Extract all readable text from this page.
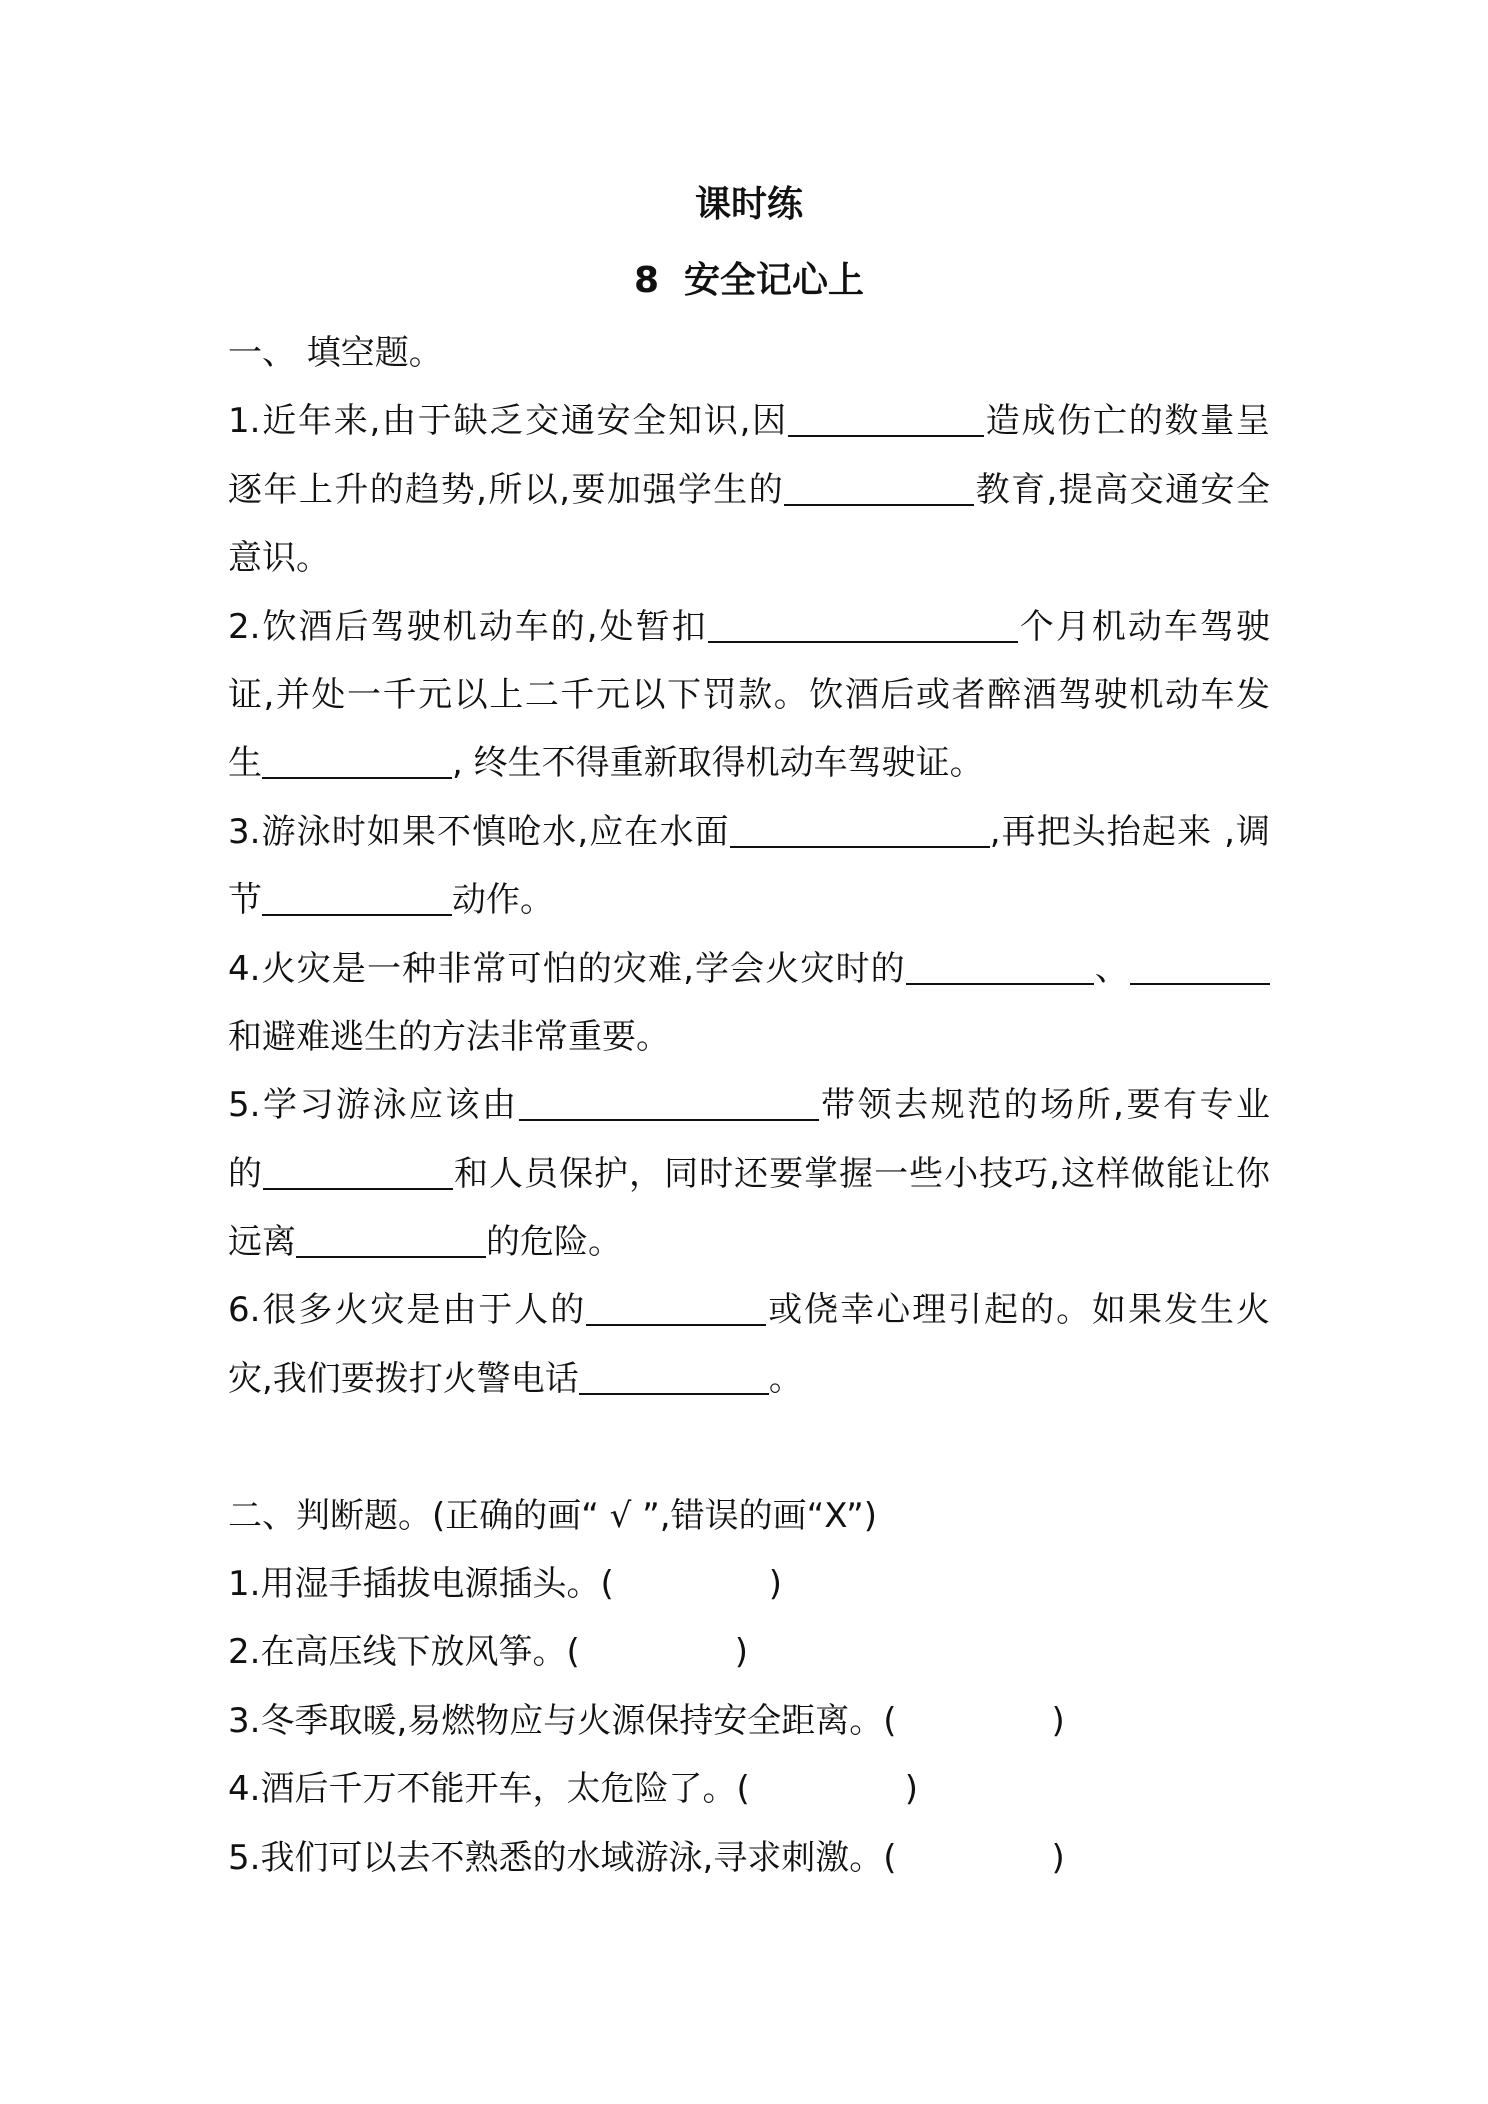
课时练
8  安全记心上
一、 填空题。
1.近年来,由于缺乏交通安全知识,因	造成伤亡的数量呈
逐年上升的趋势,所以,要加强学生的	教育,提高交通安全
意识。
2.饮酒后驾驶机动车的,处暂扣	个月机动车驾驶
证,并处一千元以上二千元以下罚款。饮酒后或者醉酒驾驶机动车发
生	, 终生不得重新取得机动车驾驶证。
3.游泳时如果不慎呛水,应在水面	,再把头抬起来 ,调
节	动作。
4.火灾是一种非常可怕的灾难,学会火灾时的	、
和避难逃生的方法非常重要。
5.学习游泳应该由	带领去规范的场所,要有专业
的	和人员保护，同时还要掌握一些小技巧,这样做能让你
远离	的危险。
6.很多火灾是由于人的	或侥幸心理引起的。如果发生火
灾,我们要拨打火警电话	。
二、判断题。(正确的画“ √ ”,错误的画“X”)
1.用湿手插拔电源插头。(	)
2.在高压线下放风筝。(	)
3.冬季取暖,易燃物应与火源保持安全距离。(	)
4.酒后千万不能开车，太危险了。(	)
5.我们可以去不熟悉的水域游泳,寻求刺激。(	)
